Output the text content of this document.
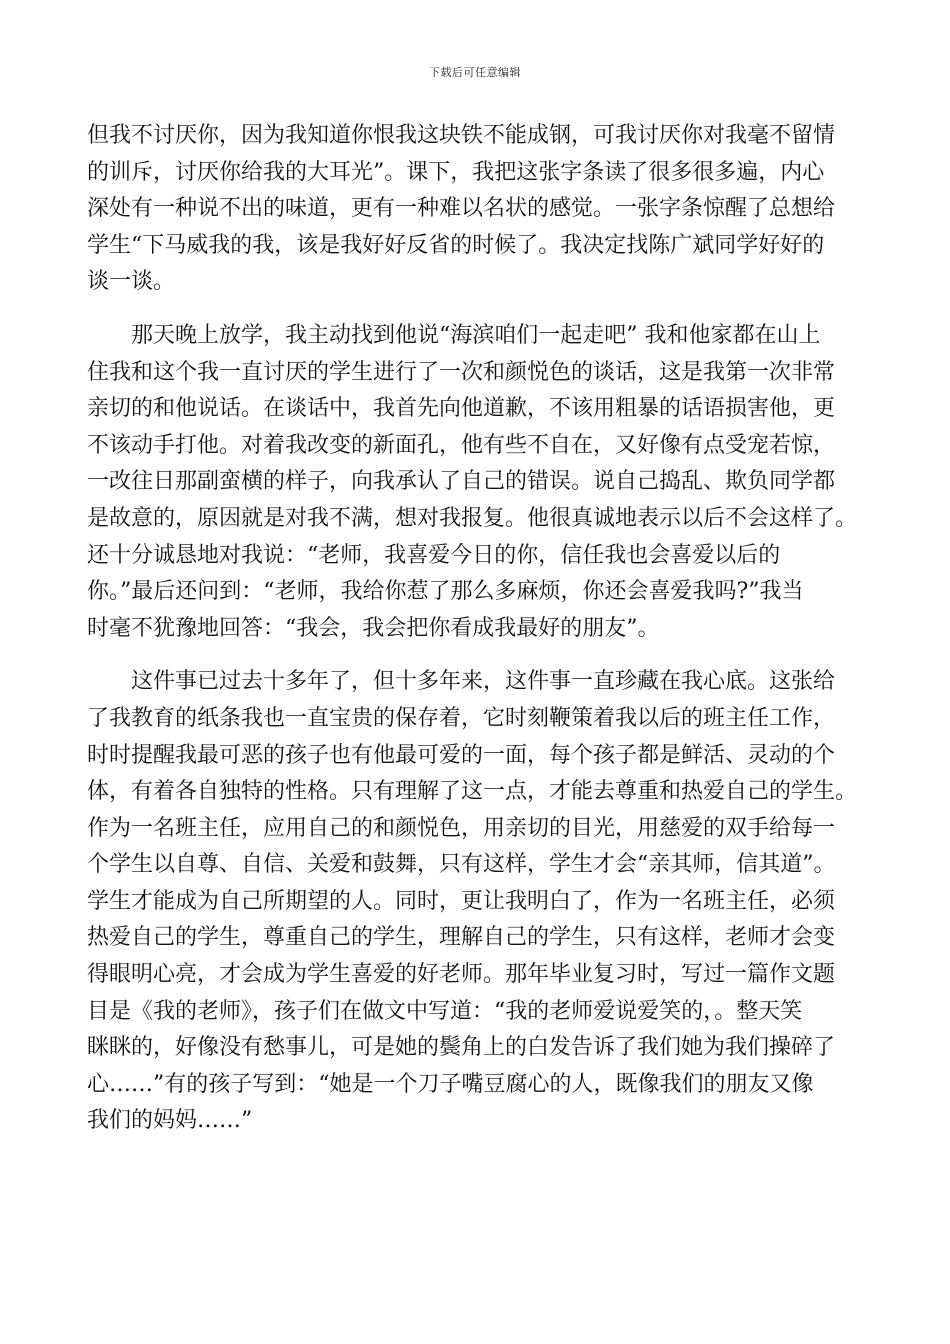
下载后可任意编辑
但我不讨厌你，因为我知道你恨我这块铁不能成钢，可我讨厌你对我毫不留情
的训斥，讨厌你给我的大耳光”。课下，我把这张字条读了很多很多遍，内心
深处有一种说不出的味道，更有一种难以名状的感觉。一张字条惊醒了总想给
学生“下马威我的我，该是我好好反省的时候了。我决定找陈广斌同学好好的
谈一谈。
　　那天晚上放学，我主动找到他说“海滨咱们一起走吧” 我和他家都在山上
住我和这个我一直讨厌的学生进行了一次和颜悦色的谈话，这是我第一次非常
亲切的和他说话。在谈话中，我首先向他道歉，不该用粗暴的话语损害他，更
不该动手打他。对着我改变的新面孔，他有些不自在，又好像有点受宠若惊，
一改往日那副蛮横的样子，向我承认了自己的错误。说自己捣乱、欺负同学都
是故意的，原因就是对我不满，想对我报复。他很真诚地表示以后不会这样了。
还十分诚恳地对我说：“老师，我喜爱今日的你，信任我也会喜爱以后的
你。”最后还问到：“老师，我给你惹了那么多麻烦，你还会喜爱我吗?”我当
时毫不犹豫地回答：“我会，我会把你看成我最好的朋友”。
　　这件事已过去十多年了，但十多年来，这件事一直珍藏在我心底。这张给
了我教育的纸条我也一直宝贵的保存着，它时刻鞭策着我以后的班主任工作，
时时提醒我最可恶的孩子也有他最可爱的一面，每个孩子都是鲜活、灵动的个
体，有着各自独特的性格。只有理解了这一点，才能去尊重和热爱自己的学生。
作为一名班主任，应用自己的和颜悦色，用亲切的目光，用慈爱的双手给每一
个学生以自尊、自信、关爱和鼓舞，只有这样，学生才会“亲其师，信其道”。
学生才能成为自己所期望的人。同时，更让我明白了，作为一名班主任，必须
热爱自己的学生，尊重自己的学生，理解自己的学生，只有这样，老师才会变
得眼明心亮，才会成为学生喜爱的好老师。那年毕业复习时，写过一篇作文题
目是《我的老师》，孩子们在做文中写道：“我的老师爱说爱笑的，。整天笑
眯眯的，好像没有愁事儿，可是她的鬓角上的白发告诉了我们她为我们操碎了
心……”有的孩子写到：“她是一个刀子嘴豆腐心的人，既像我们的朋友又像
我们的妈妈……”
